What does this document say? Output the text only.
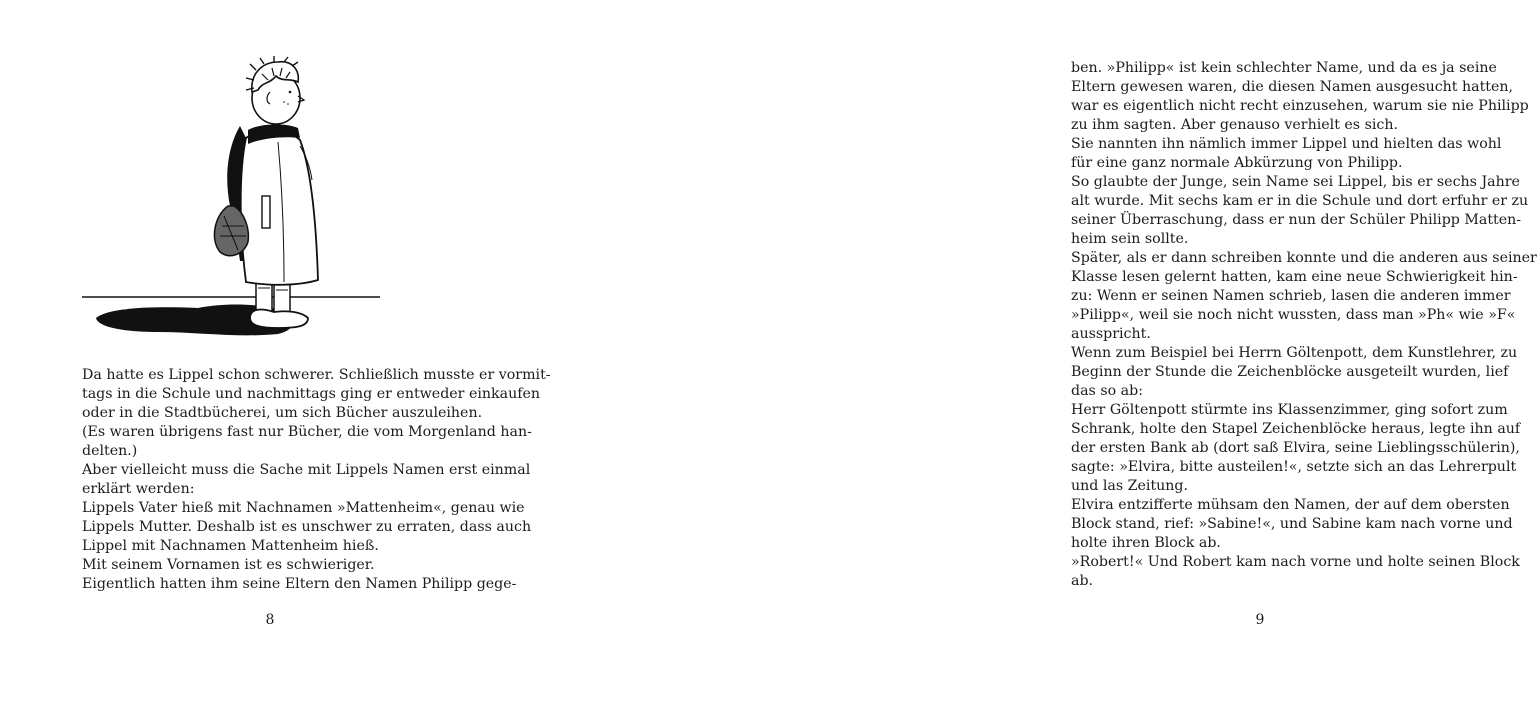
Da hatte es Lippel schon schwerer. Schließlich musste er vormit-
tags in die Schule und nachmittags ging er entweder einkaufen
oder in die Stadtbücherei, um sich Bücher auszuleihen.
(Es waren übrigens fast nur Bücher, die vom Morgenland han-
delten.)
Aber vielleicht muss die Sache mit Lippels Namen erst einmal
erklärt werden:
Lippels Vater hieß mit Nachnamen »Mattenheim«, genau wie
Lippels Mutter. Deshalb ist es unschwer zu erraten, dass auch
Lippel mit Nachnamen Mattenheim hieß.
Mit seinem Vornamen ist es schwieriger.
Eigentlich hatten ihm seine Eltern den Namen Philipp gege-
8
ben. »Philipp« ist kein schlechter Name, und da es ja seine
Eltern gewesen waren, die diesen Namen ausgesucht hatten,
war es eigentlich nicht recht einzusehen, warum sie nie Philipp
zu ihm sagten. Aber genauso verhielt es sich.
Sie nannten ihn nämlich immer Lippel und hielten das wohl
für eine ganz normale Abkürzung von Philipp.
So glaubte der Junge, sein Name sei Lippel, bis er sechs Jahre
alt wurde. Mit sechs kam er in die Schule und dort erfuhr er zu
seiner Überraschung, dass er nun der Schüler Philipp Matten-
heim sein sollte.
Später, als er dann schreiben konnte und die anderen aus seiner
Klasse lesen gelernt hatten, kam eine neue Schwierigkeit hin-
zu: Wenn er seinen Namen schrieb, lasen die anderen immer
»Pilipp«, weil sie noch nicht wussten, dass man »Ph« wie »F«
ausspricht.
Wenn zum Beispiel bei Herrn Göltenpott, dem Kunstlehrer, zu
Beginn der Stunde die Zeichenblöcke ausgeteilt wurden, lief
das so ab:
Herr Göltenpott stürmte ins Klassenzimmer, ging sofort zum
Schrank, holte den Stapel Zeichenblöcke heraus, legte ihn auf
der ersten Bank ab (dort saß Elvira, seine Lieblingsschülerin),
sagte: »Elvira, bitte austeilen!«, setzte sich an das Lehrerpult
und las Zeitung.
Elvira entzifferte mühsam den Namen, der auf dem obersten
Block stand, rief: »Sabine!«, und Sabine kam nach vorne und
holte ihren Block ab.
»Robert!« Und Robert kam nach vorne und holte seinen Block
ab.
9
